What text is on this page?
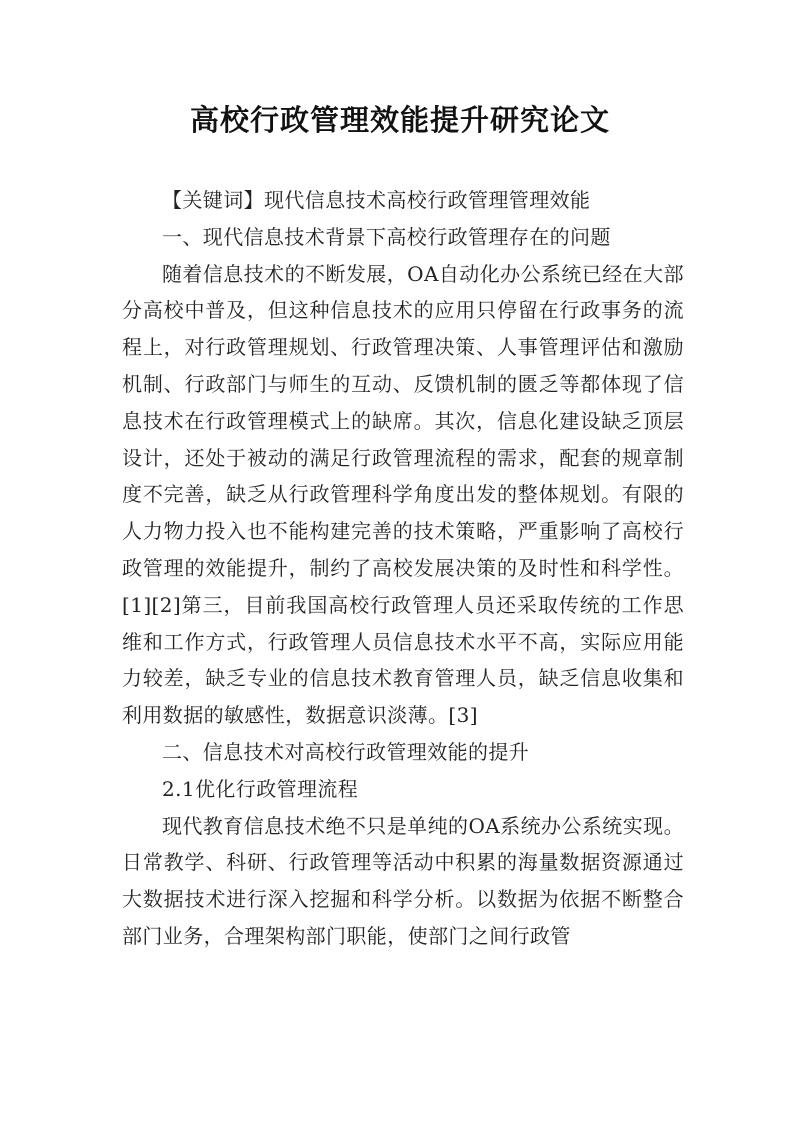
高校行政管理效能提升研究论文

【关键词】现代信息技术高校行政管理管理效能

一、现代信息技术背景下高校行政管理存在的问题

随着信息技术的不断发展，OA自动化办公系统已经在大部分高校中普及，但这种信息技术的应用只停留在行政事务的流程上，对行政管理规划、行政管理决策、人事管理评估和激励机制、行政部门与师生的互动、反馈机制的匮乏等都体现了信息技术在行政管理模式上的缺席。其次，信息化建设缺乏顶层设计，还处于被动的满足行政管理流程的需求，配套的规章制度不完善，缺乏从行政管理科学角度出发的整体规划。有限的人力物力投入也不能构建完善的技术策略，严重影响了高校行政管理的效能提升，制约了高校发展决策的及时性和科学性。[1][2]第三，目前我国高校行政管理人员还采取传统的工作思维和工作方式，行政管理人员信息技术水平不高，实际应用能力较差，缺乏专业的信息技术教育管理人员，缺乏信息收集和利用数据的敏感性，数据意识淡薄。[3]

二、信息技术对高校行政管理效能的提升

2.1优化行政管理流程

现代教育信息技术绝不只是单纯的OA系统办公系统实现。日常教学、科研、行政管理等活动中积累的海量数据资源通过大数据技术进行深入挖掘和科学分析。以数据为依据不断整合部门业务，合理架构部门职能，使部门之间行政管
